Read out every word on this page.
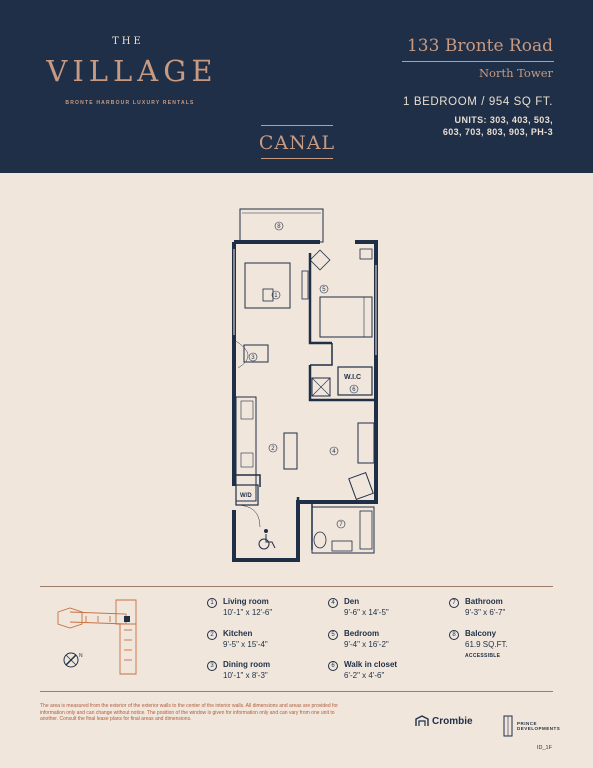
THE
VILLAGE
BRONTE HARBOUR LUXURY RENTALS
CANAL
133 Bronte Road
North Tower
1 BEDROOM / 954 SQ FT.
UNITS: 303, 403, 503,
603, 703, 803, 903, PH-3
8
1
3
5
6
2	4
7
W.I.C
W/D
N
1	Living room
10'-1" x 12'-6"
2	Kitchen
9'-5" x 15'-4"
3	Dining room
10'-1" x 8'-3"
4	Den
9'-6" x 14'-5"
5	Bedroom
9'-4" x 16'-2"
6	Walk in closet
6'-2" x 4'-6"
7	Bathroom
9'-3" x 6'-7"
8	Balcony
61.9 SQ.FT.
ACCESSIBLE
The area is measured from the exterior of the exterior walls to the center of the interior walls. All dimensions and areas are provided for information only and can change without notice. The position of the window is given for information only and can vary from one unit to another. Consult the final lease plans for final areas and dimensions.	Crombie	PRINCE
DEVELOPMENTS
ID_1F
